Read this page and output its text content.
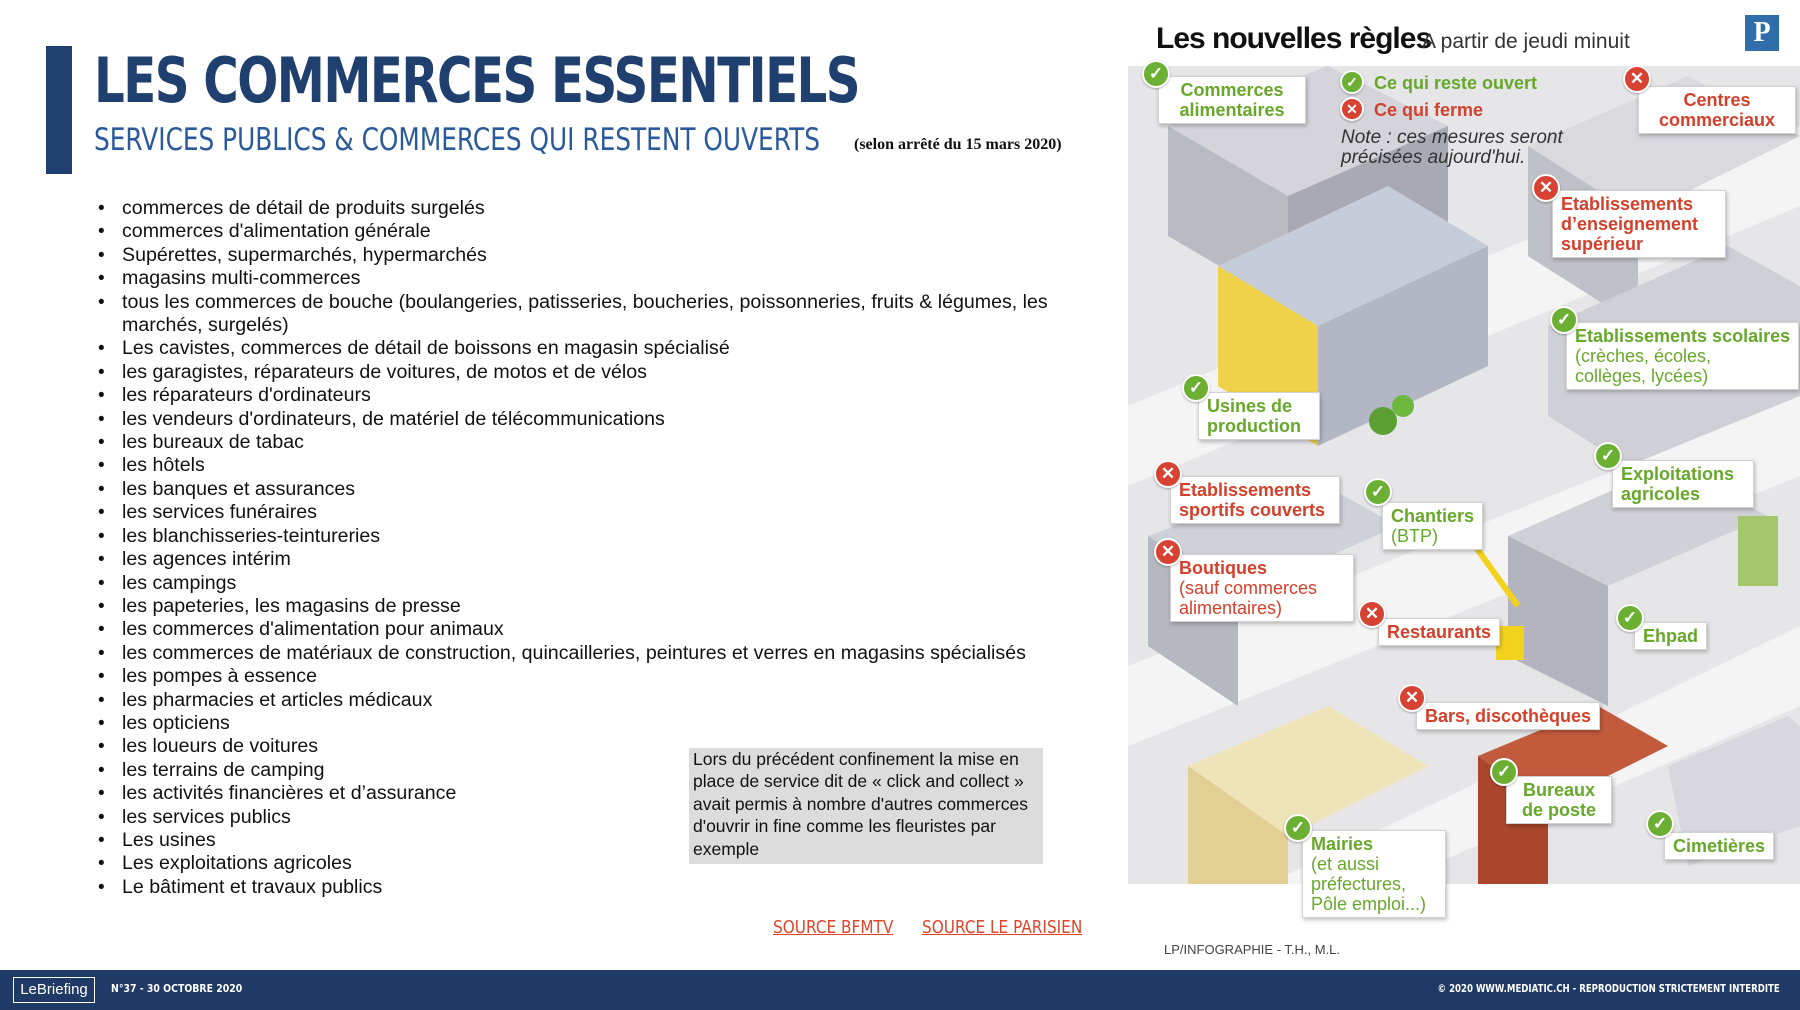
LES COMMERCES ESSENTIELS
SERVICES PUBLICS & COMMERCES QUI RESTENT OUVERTS (selon arrêté du 15 mars 2020)
• commerces de détail de produits surgelés
• commerces d'alimentation générale
• Supérettes, supermarchés, hypermarchés
• magasins multi-commerces
• tous les commerces de bouche (boulangeries, patisseries, boucheries, poissonneries, fruits & légumes, les marchés, surgelés)
• Les cavistes, commerces de détail de boissons en magasin spécialisé
• les garagistes, réparateurs de voitures, de motos et de vélos
• les réparateurs d'ordinateurs
• les vendeurs d'ordinateurs, de matériel de télécommunications
• les bureaux de tabac
• les hôtels
• les banques et assurances
• les services funéraires
• les blanchisseries-teintureries
• les agences intérim
• les campings
• les papeteries, les magasins de presse
• les commerces d'alimentation pour animaux
• les commerces de matériaux de construction, quincailleries, peintures et verres en magasins spécialisés
• les pompes à essence
• les pharmacies et articles médicaux
• les opticiens
• les loueurs de voitures
• les terrains de camping
• les activités financières et d’assurance
• les services publics
• Les usines
• Les exploitations agricoles
• Le bâtiment et travaux publics
Lors du précédent confinement la mise en place de service dit de « click and collect » avait permis à nombre d'autres commerces d'ouvrir in fine comme les fleuristes par exemple
SOURCE BFMTV SOURCE LE PARISIEN
Les nouvelles règles
A partir de jeudi minuit	P
✓ Ce qui reste ouvert
✕ Ce qui ferme
Note : ces mesures seront précisées aujourd'hui.
✓
Commerces alimentaires
✕
Centres commerciaux
✕
Etablissements d’enseignement supérieur
✓
Etablissements scolaires
(crèches, écoles, collèges, lycées)
✓
Usines de production
✕
Etablissements sportifs couverts
✓
Exploitations agricoles
✓
Chantiers
(BTP)
✕
Boutiques
(sauf commerces alimentaires)	✕
Restaurants
✓
Ehpad
✕
Bars, discothèques
✓
Bureaux de poste
✓
Mairies
(et aussi préfectures, Pôle emploi...)
✓
Cimetières
LP/INFOGRAPHIE - T.H., M.L.
LeBriefing	N°37 - 30 OCTOBRE 2020	© 2020 WWW.MEDIATIC.CH - REPRODUCTION STRICTEMENT INTERDITE
